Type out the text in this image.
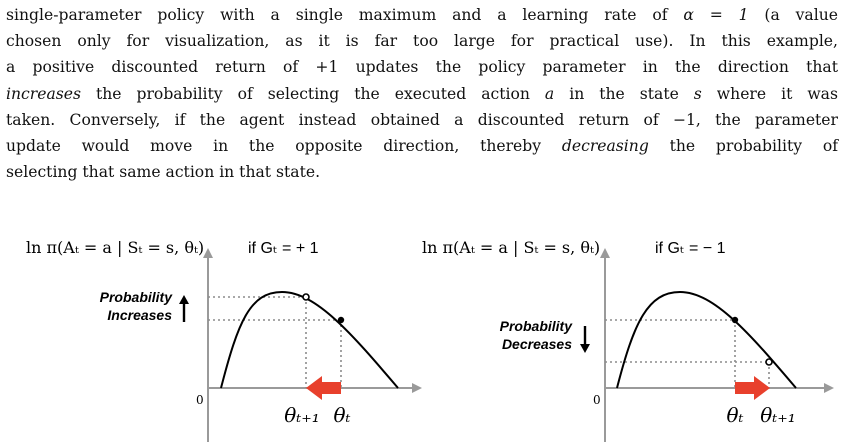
single-parameter policy with a single maximum and a learning rate of α = 1 (a value
chosen only for visualization, as it is far too large for practical use). In this example,
a positive discounted return of +1 updates the policy parameter in the direction that
increases the probability of selecting the executed action a in the state s where it was
taken. Conversely, if the agent instead obtained a discounted return of −1, the parameter
update would move in the opposite direction, thereby decreasing the probability of
selecting that same action in that state.
ln π(Aₜ = a | Sₜ = s, θₜ)	if Gₜ = + 1
Probability
Increases
0
θₜ₊₁ θₜ
ln π(Aₜ = a | Sₜ = s, θₜ)	if Gₜ = − 1
Probability
Decreases
0
θₜ θₜ₊₁
